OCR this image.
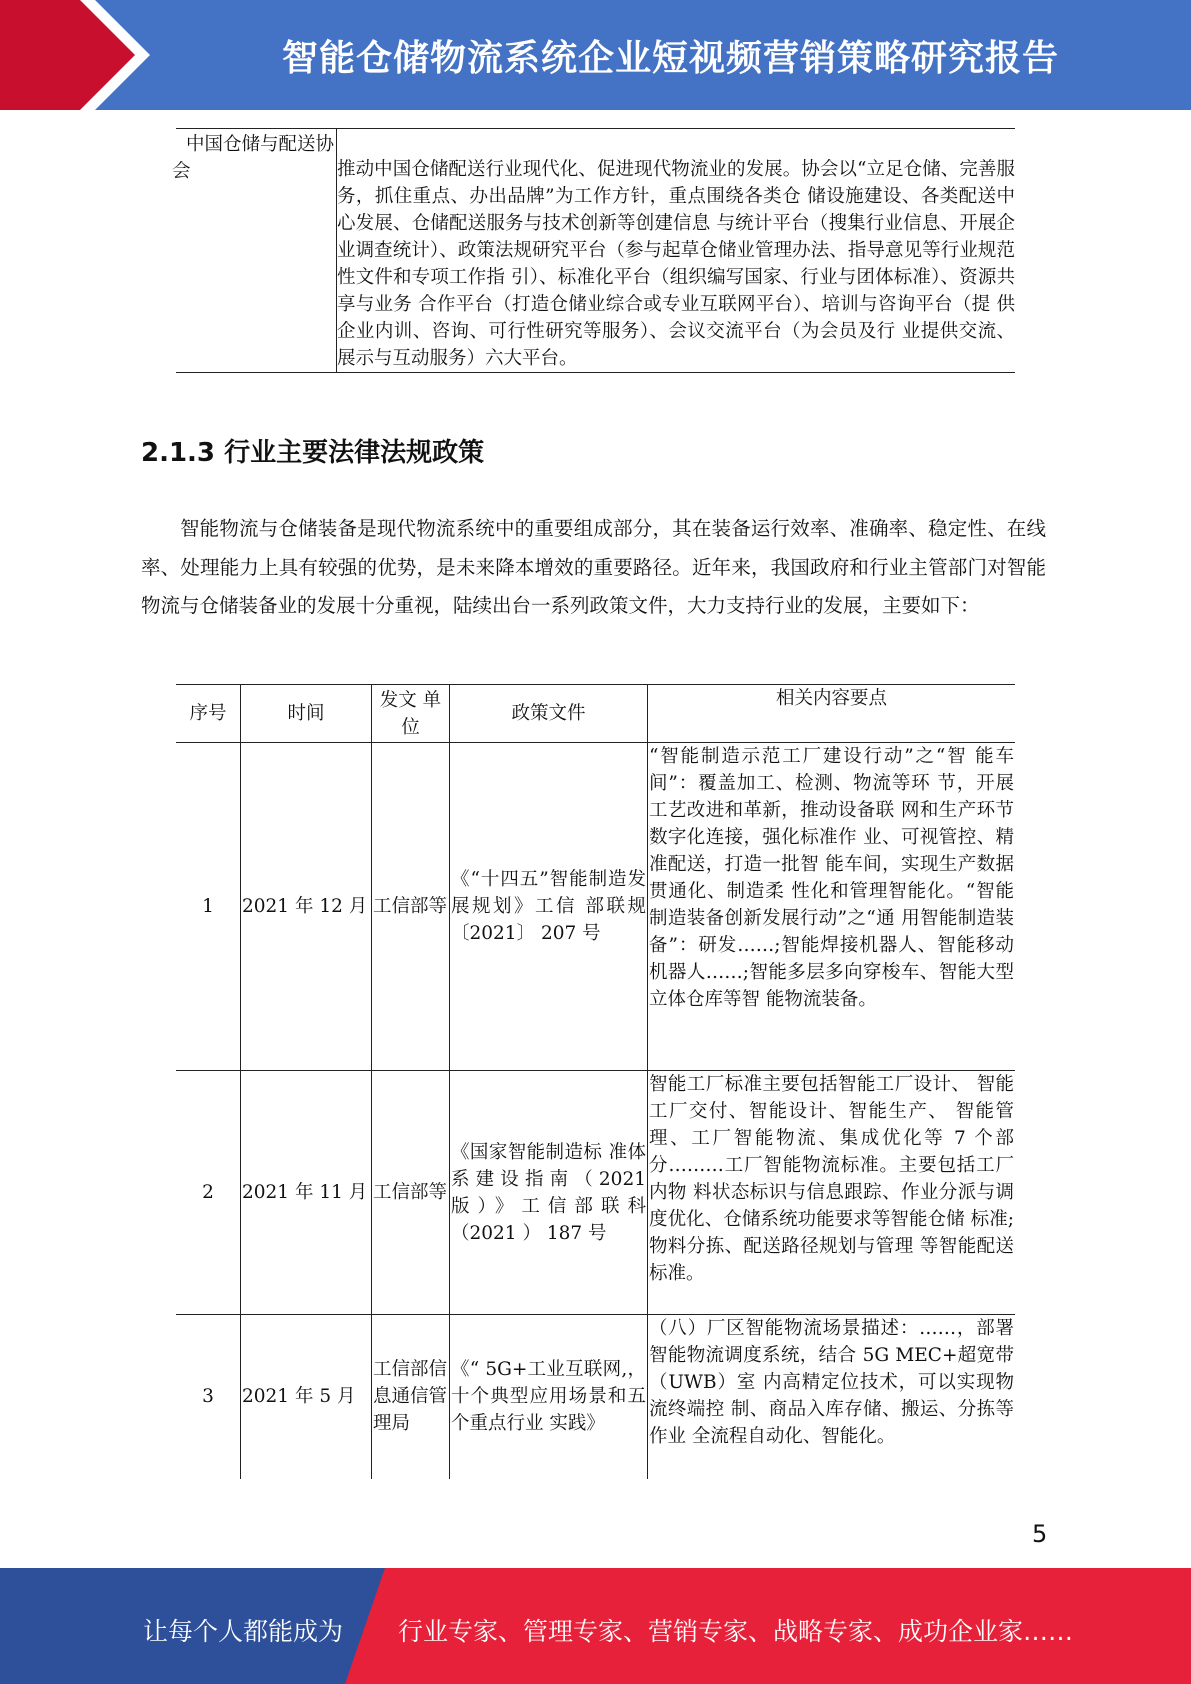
智能仓储物流系统企业短视频营销策略研究报告
中国仓储与配送协会	推动中国仓储配送行业现代化、促进现代物流业的发展。协会以“立足仓储、完善服务，抓住重点、办出品牌”为工作方针，重点围绕各类仓 储设施建设、各类配送中心发展、仓储配送服务与技术创新等创建信息 与统计平台（搜集行业信息、开展企业调查统计）、政策法规研究平台（参与起草仓储业管理办法、指导意见等行业规范性文件和专项工作指 引）、标准化平台（组织编写国家、行业与团体标准）、资源共享与业务 合作平台（打造仓储业综合或专业互联网平台）、培训与咨询平台（提 供企业内训、咨询、可行性研究等服务）、会议交流平台（为会员及行 业提供交流、展示与互动服务）六大平台。
2.1.3 行业主要法律法规政策

智能物流与仓储装备是现代物流系统中的重要组成部分，其在装备运行效率、准确率、稳定性、在线率、处理能力上具有较强的优势，是未来降本增效的重要路径。近年来，我国政府和行业主管部门对智能物流与仓储装备业的发展十分重视，陆续出台一系列政策文件，大力支持行业的发展，主要如下：

序号	时间	发文 单位	政策文件	相关内容要点
1	2021 年 12 月	工信部等	《“十四五”智能制造发展规划》工信 部联规〔2021〕 207 号	“智能制造示范工厂建设行动”之“智 能车间”：覆盖加工、检测、物流等环 节，开展工艺改进和革新，推动设备联 网和生产环节数字化连接，强化标准作 业、可视管控、精准配送，打造一批智 能车间，实现生产数据贯通化、制造柔 性化和管理智能化。“智能制造装备创新发展行动”之“通 用智能制造装备”：研发……;智能焊接机器人、智能移动机器人……;智能多层多向穿梭车、智能大型立体仓库等智 能物流装备。
2	2021 年 11 月	工信部等	《国家智能制造标 准体系建设指南（2021 版）》工信部联科（2021 ） 187 号	智能工厂标准主要包括智能工厂设计、 智能工厂交付、智能设计、智能生产、 智能管理、工厂智能物流、集成优化等 7 个部分………工厂智能物流标准。主要包括工厂内物 料状态标识与信息跟踪、作业分派与调 度优化、仓储系统功能要求等智能仓储 标准;物料分拣、配送路径规划与管理 等智能配送标准。
3	2021 年 5 月	工信部信息通信管理局	《“ 5G+工业互联网,，十个典型应用场景和五个重点行业 实践》	（八）厂区智能物流场景描述：……，部署智能物流调度系统，结合 5G MEC+超宽带（UWB）室 内高精定位技术，可以实现物流终端控 制、商品入库存储、搬运、分拣等作业 全流程自动化、智能化。
5
让每个人都能成为 行业专家、管理专家、营销专家、战略专家、成功企业家……
